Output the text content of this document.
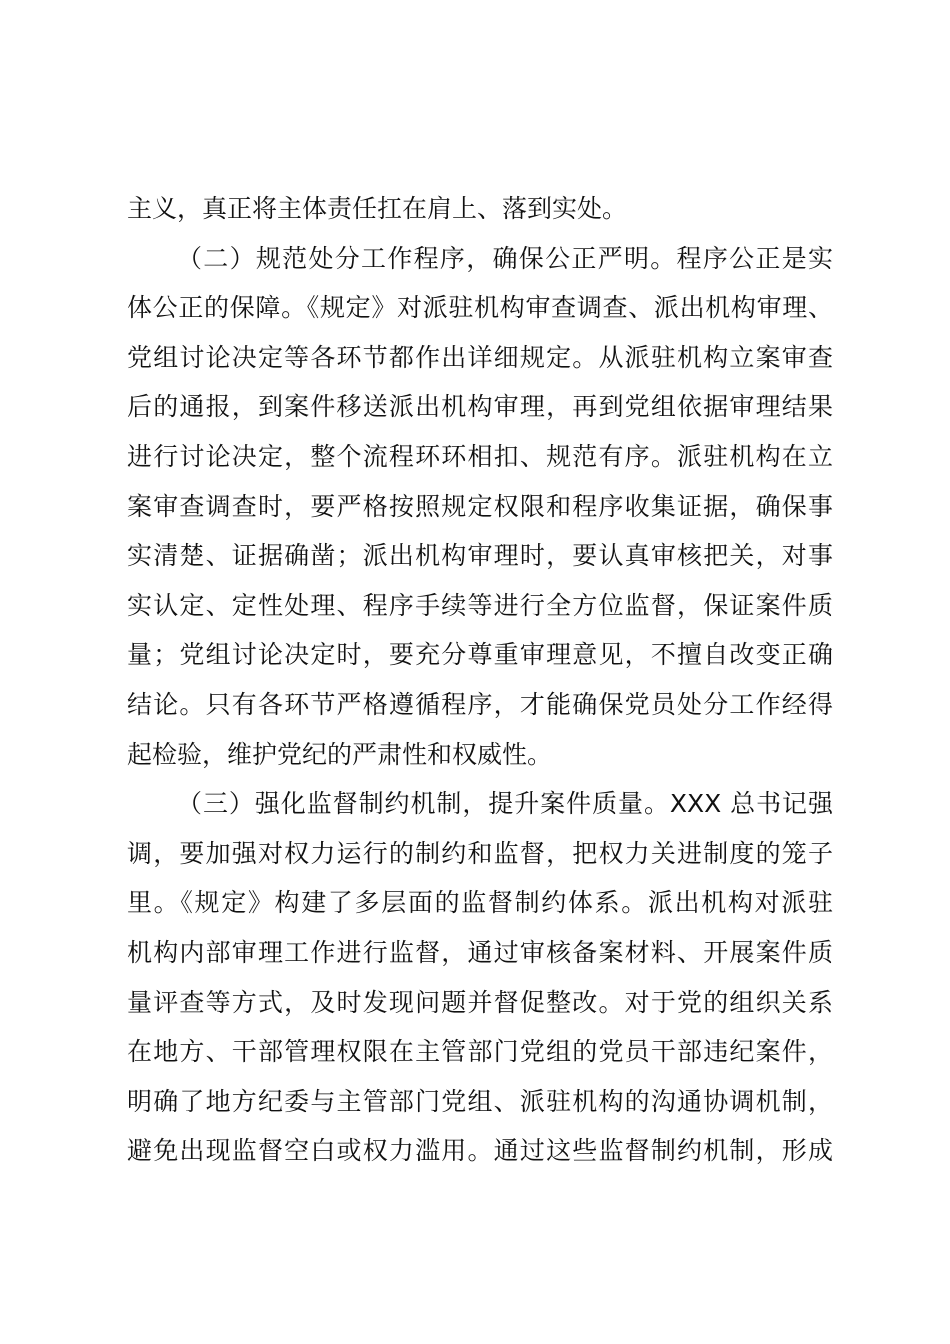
主义，真正将主体责任扛在肩上、落到实处。
（二）规范处分工作程序，确保公正严明。程序公正是实
体公正的保障。《规定》对派驻机构审查调查、派出机构审理、
党组讨论决定等各环节都作出详细规定。从派驻机构立案审查
后的通报，到案件移送派出机构审理，再到党组依据审理结果
进行讨论决定，整个流程环环相扣、规范有序。派驻机构在立
案审查调查时，要严格按照规定权限和程序收集证据，确保事
实清楚、证据确凿；派出机构审理时，要认真审核把关，对事
实认定、定性处理、程序手续等进行全方位监督，保证案件质
量；党组讨论决定时，要充分尊重审理意见，不擅自改变正确
结论。只有各环节严格遵循程序，才能确保党员处分工作经得
起检验，维护党纪的严肃性和权威性。
（三）强化监督制约机制，提升案件质量。XXX 总书记强
调，要加强对权力运行的制约和监督，把权力关进制度的笼子
里。《规定》构建了多层面的监督制约体系。派出机构对派驻
机构内部审理工作进行监督，通过审核备案材料、开展案件质
量评查等方式，及时发现问题并督促整改。对于党的组织关系
在地方、干部管理权限在主管部门党组的党员干部违纪案件，
明确了地方纪委与主管部门党组、派驻机构的沟通协调机制，
避免出现监督空白或权力滥用。通过这些监督制约机制，形成
